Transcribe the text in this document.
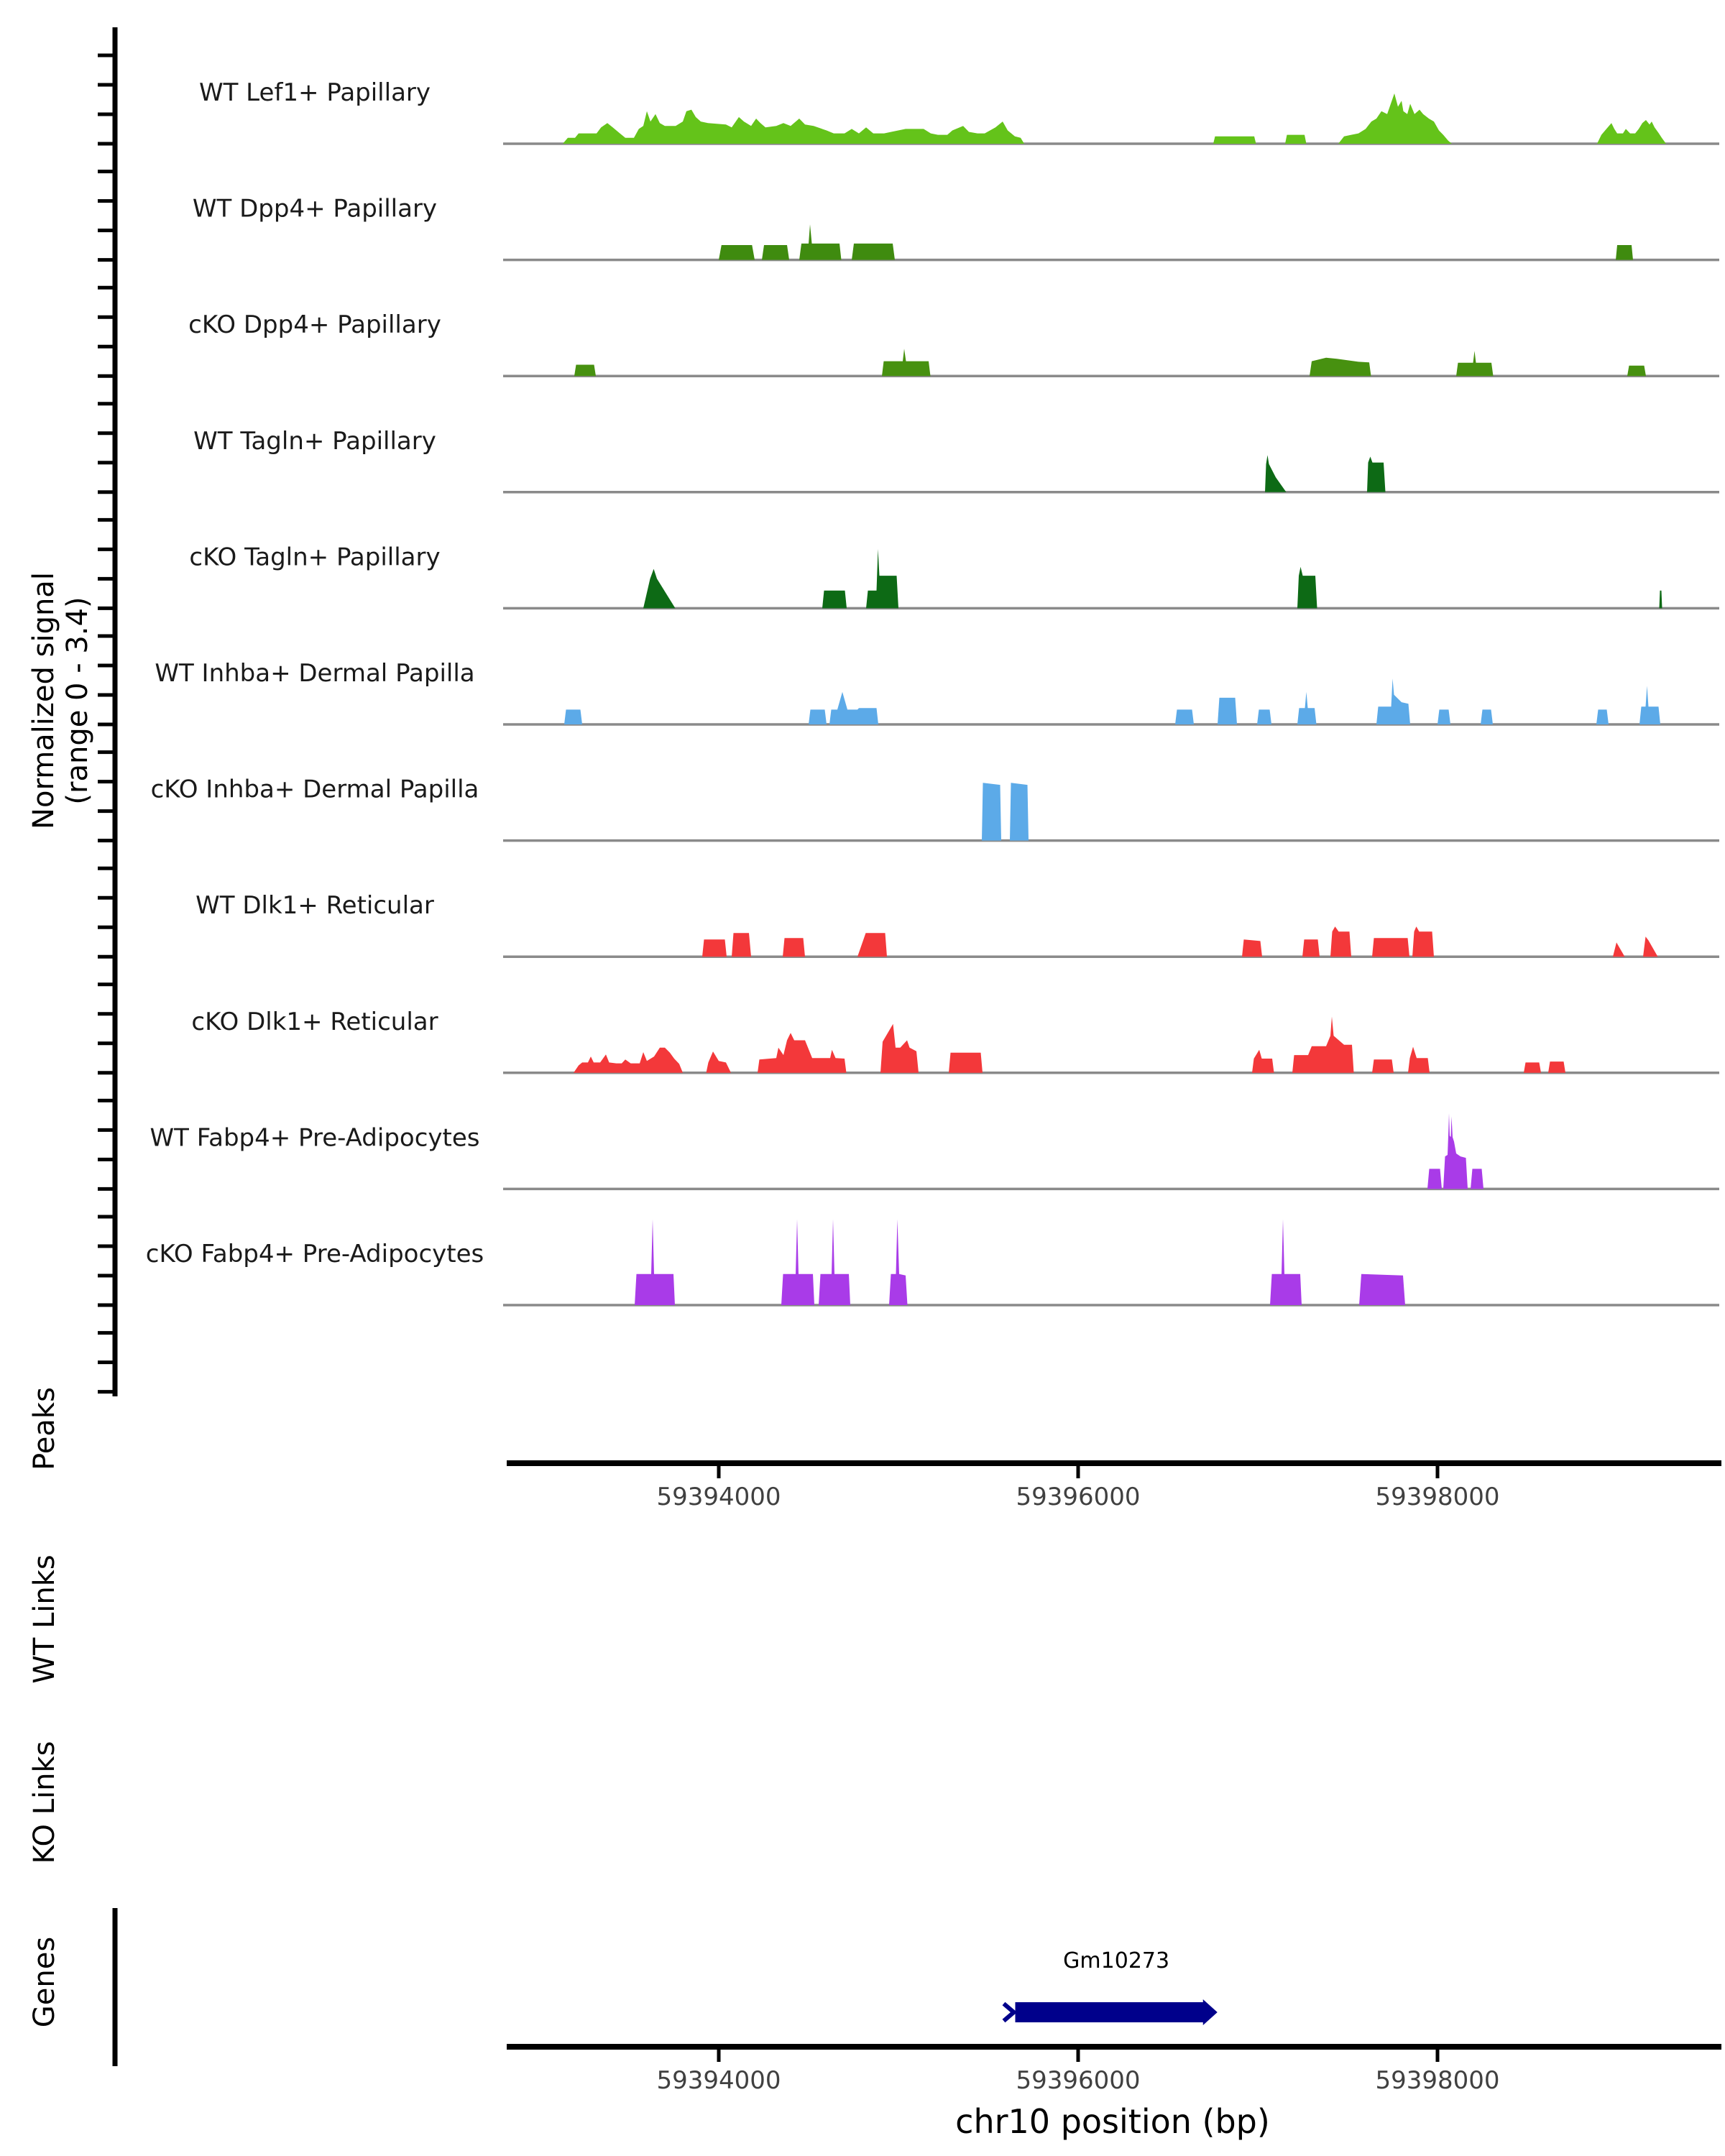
WT Lef1+ Papillary
WT Dpp4+ Papillary
cKO Dpp4+ Papillary
WT Tagln+ Papillary
cKO Tagln+ Papillary
WT Inhba+ Dermal Papilla
cKO Inhba+ Dermal Papilla
WT Dlk1+ Reticular
cKO Dlk1+ Reticular
WT Fabp4+ Pre-Adipocytes
cKO Fabp4+ Pre-Adipocytes
59394000	59396000	59398000
59394000	59396000	59398000
Gm10273
Normalized signal (range 0 - 3.4)
Peaks
WT Links
KO Links
Genes
chr10 position (bp)
